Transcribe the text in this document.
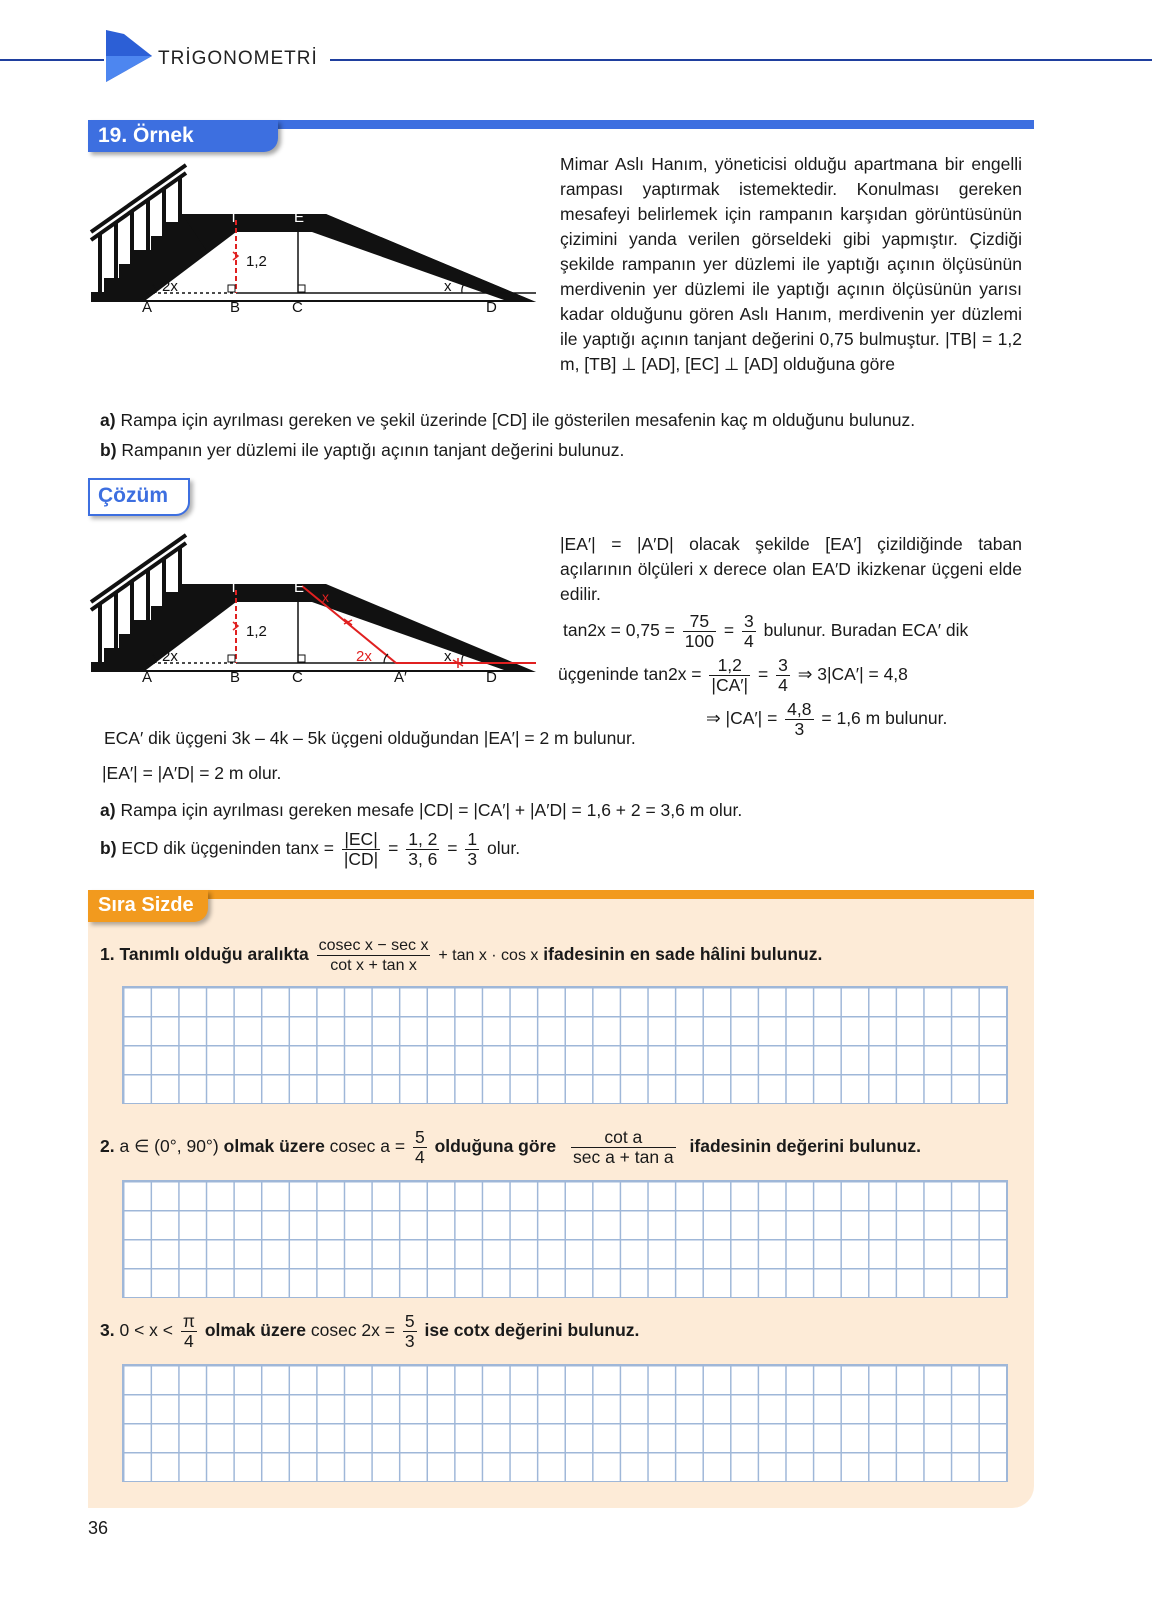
TRİGONOMETRİ
19. Örnek
T	E
1,2
2x	x
A	B	C	D
Mimar Aslı Hanım, yöneticisi olduğu apartmana bir engelli rampası yaptırmak istemektedir. Konulması gereken mesafeyi belirlemek için rampanın karşıdan görüntüsünün çizimini yanda verilen görseldeki gibi yapmıştır. Çizdiği şekilde rampanın yer düzlemi ile yaptığı açının ölçüsünün merdivenin yer düzlemi ile yaptığı açının ölçüsünün yarısı kadar olduğunu gören Aslı Hanım, merdivenin yer düzlemi ile yaptığı açının tanjant değerini 0,75 bulmuştur. |TB| = 1,2 m, [TB] ⊥ [AD], [EC] ⊥ [AD] olduğuna göre
a) Rampa için ayrılması gereken ve şekil üzerinde [CD] ile gösterilen mesafenin kaç m olduğunu bulunuz.
b) Rampanın yer düzlemi ile yaptığı açının tanjant değerini bulunuz.
Çözüm
T	E
x
1,2
2x	2x	x
A	B	C	A′	D
|EA′| = |A′D| olacak şekilde [EA′] çizildiğinde taban açılarının ölçüleri x derece olan EA′D ikizkenar üçgeni elde edilir.
$\tan 2x = 0,75 = \frac{75}{100} = \frac{3}{4}$ bulunur. Buradan ECA′ dik
üçgeninde $\tan 2x = \frac{1,2}{|CA'|} = \frac{3}{4}$ ⇒ 3|CA′| = 4,8
⇒ $|CA'| = \frac{4,8}{3} = 1,6$ m bulunur.
ECA′ dik üçgeni 3k – 4k – 5k üçgeni olduğundan |EA′| = 2 m bulunur.
|EA′| = |A′D| = 2 m olur.
a) Rampa için ayrılması gereken mesafe |CD| = |CA′| + |A′D| = 1,6 + 2 = 3,6 m olur.
b) ECD dik üçgeninden $\tan x = \frac{|EC|}{|CD|} = \frac{1, 2}{3, 6} = \frac{1}{3}$ olur.
Sıra Sizde
1. Tanımlı olduğu aralıkta $\frac{\text{cosec x − sec x}}{\text{cot x + tan x}} + \tan x \cdot \cos x$ ifadesinin en sade hâlini bulunuz.
2. a ∈ (0°, 90°) olmak üzere cosec $a = \frac{5}{4}$ olduğuna göre $\frac{\text{cot a}}{\text{sec a + tan a}}$ ifadesinin değerini bulunuz.
3. $0 < x < \frac{\pi}{4}$ olmak üzere cosec $2x = \frac{5}{3}$ ise cotx değerini bulunuz.
36
